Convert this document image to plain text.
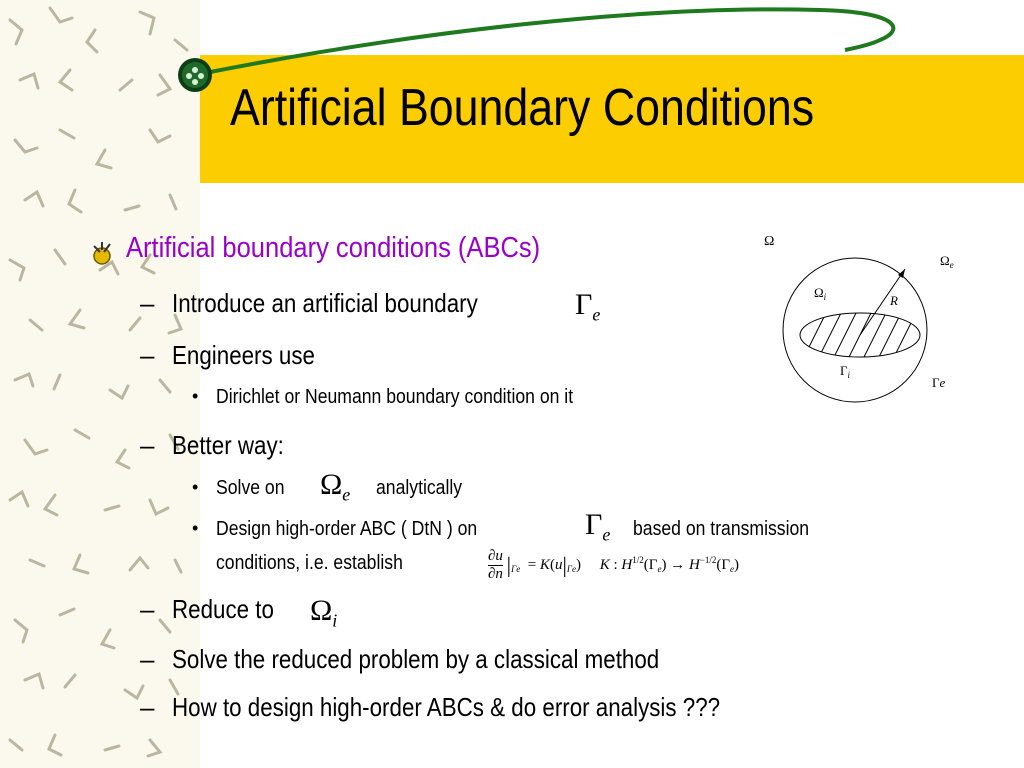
Artificial Boundary Conditions
Artificial boundary conditions (ABCs)
– Introduce an artificial boundary	$\Gamma_e$
– Engineers use
• Dirichlet or Neumann boundary condition on it
– Better way:
• Solve on $\Omega_e$ analytically
• Design high-order ABC ( DtN ) on	$\Gamma_e$ based on transmission
conditions, i.e. establish	$\frac{\partial u}{\partial n} |_{\Gamma e} = K(u|_{\Gamma e})$     K : $H^{1/2}(\Gamma_e) \to H^{-1/2}(\Gamma_e)$
– Reduce to $\Omega_i$
– Solve the reduced problem by a classical method
– How to design high-order ABCs & do error analysis ???
Ω
$\Omega_e$
$\Omega_i$	R
$\Gamma_i$	Γe
